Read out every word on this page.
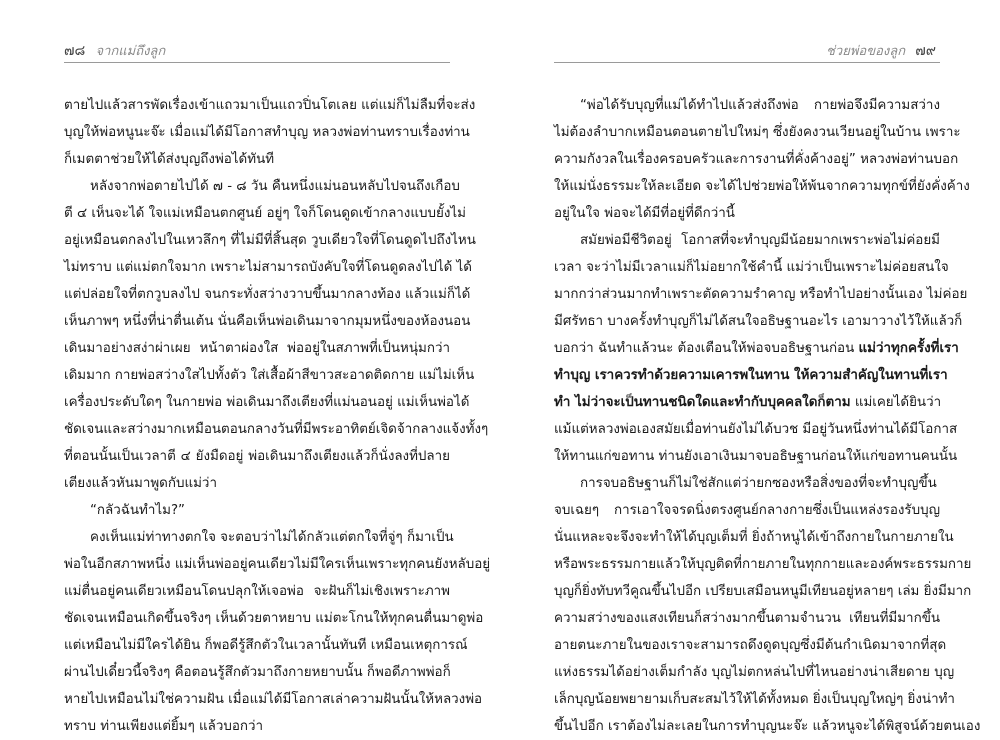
๗๘ จากแม่ถึงลูก
ตายไปแล้วสารพัดเรื่องเข้าแถวมาเป็นแถวปิ่นโตเลย แต่แม่ก็ไม่ลืมที่จะส่ง
บุญให้พ่อหนูนะจ๊ะ เมื่อแม่ได้มีโอกาสทำบุญ หลวงพ่อท่านทราบเรื่องท่าน
ก็เมตตาช่วยให้ได้ส่งบุญถึงพ่อได้ทันที
หลังจากพ่อตายไปได้ ๗ - ๘ วัน คืนหนึ่งแม่นอนหลับไปจนถึงเกือบ
ตี ๔ เห็นจะได้ ใจแม่เหมือนตกศูนย์ อยู่ๆ ใจก็โดนดูดเข้ากลางแบบยั้งไม่
อยู่เหมือนตกลงไปในเหวลึกๆ ที่ไม่มีที่สิ้นสุด วูบเดียวใจที่โดนดูดไปถึงไหน
ไม่ทราบ แต่แม่ตกใจมาก เพราะไม่สามารถบังคับใจที่โดนดูดลงไปได้ ได้
แต่ปล่อยใจที่ตกวูบลงไป จนกระทั่งสว่างวาบขึ้นมากลางท้อง แล้วแม่ก็ได้
เห็นภาพๆ หนึ่งที่น่าตื่นเต้น นั่นคือเห็นพ่อเดินมาจากมุมหนึ่งของห้องนอน
เดินมาอย่างสง่าผ่าเผย หน้าตาผ่องใส พ่ออยู่ในสภาพที่เป็นหนุ่มกว่า
เดิมมาก กายพ่อสว่างใสไปทั้งตัว ใส่เสื้อผ้าสีขาวสะอาดติดกาย แม่ไม่เห็น
เครื่องประดับใดๆ ในกายพ่อ พ่อเดินมาถึงเตียงที่แม่นอนอยู่ แม่เห็นพ่อได้
ชัดเจนและสว่างมากเหมือนตอนกลางวันที่มีพระอาทิตย์เจิดจ้ากลางแจ้งทั้งๆ
ที่ตอนนั้นเป็นเวลาตี ๔ ยังมืดอยู่ พ่อเดินมาถึงเตียงแล้วก็นั่งลงที่ปลาย
เตียงแล้วหันมาพูดกับแม่ว่า
“กลัวฉันทำไม?”
คงเห็นแม่ท่าทางตกใจ จะตอบว่าไม่ได้กลัวแต่ตกใจที่จู่ๆ ก็มาเป็น
พ่อในอีกสภาพหนึ่ง แม่เห็นพ่ออยู่คนเดียวไม่มีใครเห็นเพราะทุกคนยังหลับอยู่
แม่ตื่นอยู่คนเดียวเหมือนโดนปลุกให้เจอพ่อ จะฝันก็ไม่เชิงเพราะภาพ
ชัดเจนเหมือนเกิดขึ้นจริงๆ เห็นด้วยตาหยาบ แม่ตะโกนให้ทุกคนตื่นมาดูพ่อ
แต่เหมือนไม่มีใครได้ยิน ก็พอดีรู้สึกตัวในเวลานั้นทันที เหมือนเหตุการณ์
ผ่านไปเดี๋ยวนี้จริงๆ คือตอนรู้สึกตัวมาถึงกายหยาบนั้น ก็พอดีภาพพ่อก็
หายไปเหมือนไม่ใช่ความฝัน เมื่อแม่ได้มีโอกาสเล่าความฝันนั้นให้หลวงพ่อ
ทราบ ท่านเพียงแต่ยิ้มๆ แล้วบอกว่า
ช่วยพ่อของลูก ๗๙
“พ่อได้รับบุญที่แม่ได้ทำไปแล้วส่งถึงพ่อ กายพ่อจึงมีความสว่าง
ไม่ต้องลำบากเหมือนตอนตายไปใหม่ๆ ซึ่งยังคงวนเวียนอยู่ในบ้าน เพราะ
ความกังวลในเรื่องครอบครัวและการงานที่คั่งค้างอยู่” หลวงพ่อท่านบอก
ให้แม่นั่งธรรมะให้ละเอียด จะได้ไปช่วยพ่อให้พ้นจากความทุกข์ที่ยังคั่งค้าง
อยู่ในใจ พ่อจะได้มีที่อยู่ที่ดีกว่านี้
สมัยพ่อมีชีวิตอยู่ โอกาสที่จะทำบุญมีน้อยมากเพราะพ่อไม่ค่อยมี
เวลา จะว่าไม่มีเวลาแม่ก็ไม่อยากใช้คำนี้ แม่ว่าเป็นเพราะไม่ค่อยสนใจ
มากกว่าส่วนมากทำเพราะตัดความรำคาญ หรือทำไปอย่างนั้นเอง ไม่ค่อย
มีศรัทธา บางครั้งทำบุญก็ไม่ได้สนใจอธิษฐานอะไร เอามาวางไว้ให้แล้วก็
บอกว่า ฉันทำแล้วนะ ต้องเตือนให้พ่อจบอธิษฐานก่อน แม่ว่าทุกครั้งที่เรา
ทำบุญ เราควรทำด้วยความเคารพในทาน ให้ความสำคัญในทานที่เรา
ทำ ไม่ว่าจะเป็นทานชนิดใดและทำกับบุคคลใดก็ตาม แม่เคยได้ยินว่า
แม้แต่หลวงพ่อเองสมัยเมื่อท่านยังไม่ได้บวช มีอยู่วันหนึ่งท่านได้มีโอกาส
ให้ทานแก่ขอทาน ท่านยังเอาเงินมาจบอธิษฐานก่อนให้แก่ขอทานคนนั้น
การจบอธิษฐานก็ไม่ใช่สักแต่ว่ายกซองหรือสิ่งของที่จะทำบุญขึ้น
จบเฉยๆ การเอาใจจรดนิ่งตรงศูนย์กลางกายซึ่งเป็นแหล่งรองรับบุญ
นั่นแหละจะจึงจะทำให้ได้บุญเต็มที่ ยิ่งถ้าหนูได้เข้าถึงกายในกายภายใน
หรือพระธรรมกายแล้วให้บุญติดที่กายภายในทุกกายและองค์พระธรรมกาย
บุญก็ยิ่งทับทวีคูณขึ้นไปอีก เปรียบเสมือนหนูมีเทียนอยู่หลายๆ เล่ม ยิ่งมีมาก
ความสว่างของแสงเทียนก็สว่างมากขึ้นตามจำนวน เทียนที่มีมากขึ้น
อายตนะภายในของเราจะสามารถดึงดูดบุญซึ่งมีต้นกำเนิดมาจากที่สุด
แห่งธรรมได้อย่างเต็มกำลัง บุญไม่ตกหล่นไปที่ไหนอย่างน่าเสียดาย บุญ
เล็กบุญน้อยพยายามเก็บสะสมไว้ให้ได้ทั้งหมด ยิ่งเป็นบุญใหญ่ๆ ยิ่งน่าทำ
ขึ้นไปอีก เราต้องไม่ละเลยในการทำบุญนะจ๊ะ แล้วหนูจะได้พิสูจน์ด้วยตนเอง
